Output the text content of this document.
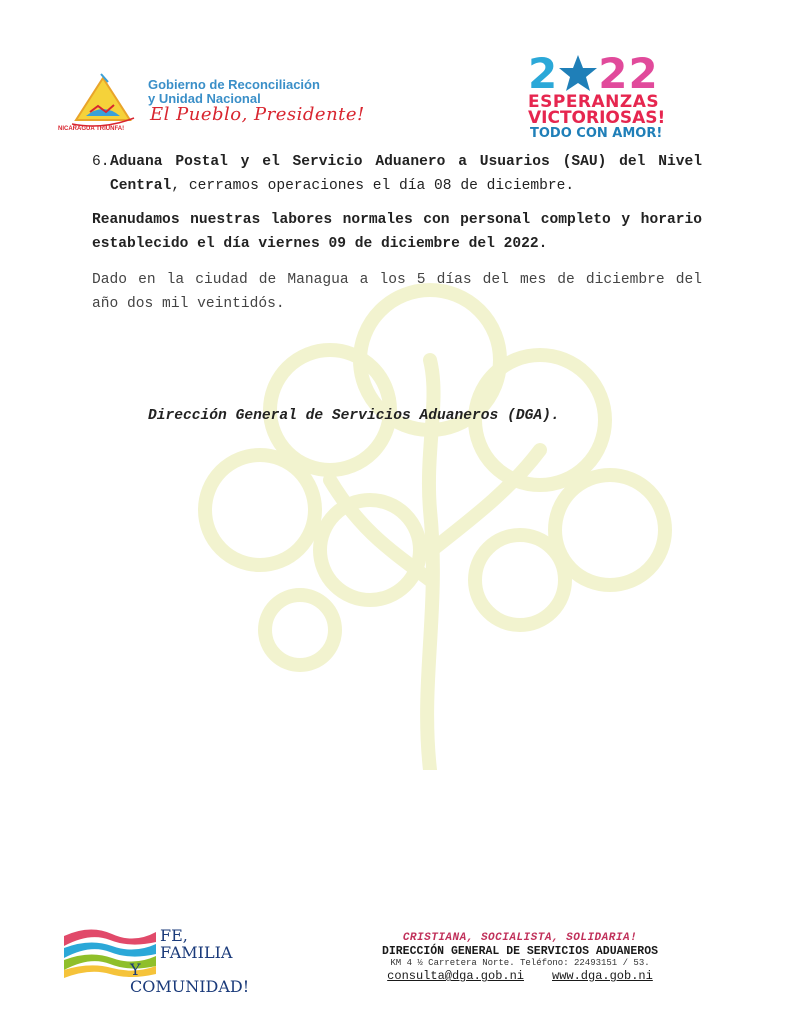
Gobierno de Reconciliación
y Unidad Nacional
El Pueblo, Presidente!
NICARAGUA TRIUNFA!
2 22
ESPERANZAS
VICTORIOSAS!
TODO CON AMOR!
6. Aduana Postal y el Servicio Aduanero a Usuarios (SAU) del Nivel Central, cerramos operaciones el día 08 de diciembre.

Reanudamos nuestras labores normales con personal completo y horario establecido el día viernes 09 de diciembre del 2022.

Dado en la ciudad de Managua a los 5 días del mes de diciembre del año dos mil veintidós.

Dirección General de Servicios Aduaneros (DGA).
FE,
FAMILIA
Y COMUNIDAD!
CRISTIANA, SOCIALISTA, SOLIDARIA!
DIRECCIÓN GENERAL DE SERVICIOS ADUANEROS
KM 4 ½ Carretera Norte. Teléfono: 22493151 / 53.
consulta@dga.gob.ni www.dga.gob.ni
